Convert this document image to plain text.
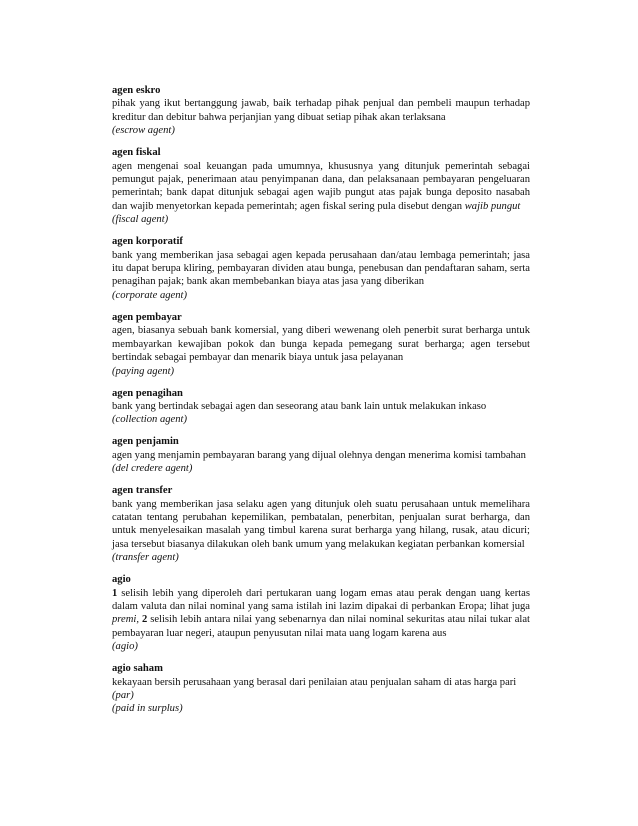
agen eskro
pihak yang ikut bertanggung jawab, baik terhadap pihak penjual dan pembeli maupun terhadap kreditur dan debitur bahwa perjanjian yang dibuat setiap pihak akan terlaksana
(escrow agent)
agen fiskal
agen mengenai soal keuangan pada umumnya, khususnya yang ditunjuk pemerintah sebagai pemungut pajak, penerimaan atau penyimpanan dana, dan pelaksanaan pembayaran pengeluaran pemerintah; bank dapat ditunjuk sebagai agen wajib pungut atas pajak bunga deposito nasabah dan wajib menyetorkan kepada pemerintah; agen fiskal sering pula disebut dengan wajib pungut
(fiscal agent)
agen korporatif
bank yang memberikan jasa sebagai agen kepada perusahaan dan/atau lembaga pemerintah; jasa itu dapat berupa kliring, pembayaran dividen atau bunga, penebusan dan pendaftaran saham, serta penagihan pajak; bank akan membebankan biaya atas jasa yang diberikan
(corporate agent)
agen pembayar
agen, biasanya sebuah bank komersial, yang diberi wewenang oleh penerbit surat berharga untuk membayarkan kewajiban pokok dan bunga kepada pemegang surat berharga; agen tersebut bertindak sebagai pembayar dan menarik biaya untuk jasa pelayanan
(paying agent)
agen penagihan
bank yang bertindak sebagai agen dan seseorang atau bank lain untuk melakukan inkaso
(collection agent)
agen penjamin
agen yang menjamin pembayaran barang yang dijual olehnya dengan menerima komisi tambahan
(del credere agent)
agen transfer
bank yang memberikan jasa selaku agen yang ditunjuk oleh suatu perusahaan untuk memelihara catatan tentang perubahan kepemilikan, pembatalan, penerbitan, penjualan surat berharga, dan untuk menyelesaikan masalah yang timbul karena surat berharga yang hilang, rusak, atau dicuri; jasa tersebut biasanya dilakukan oleh bank umum yang melakukan kegiatan perbankan komersial
(transfer agent)
agio
1 selisih lebih yang diperoleh dari pertukaran uang logam emas atau perak dengan uang kertas dalam valuta dan nilai nominal yang sama istilah ini lazim dipakai di perbankan Eropa; lihat juga premi, 2 selisih lebih antara nilai yang sebenarnya dan nilai nominal sekuritas atau nilai tukar alat pembayaran luar negeri, ataupun penyusutan nilai mata uang logam karena aus
(agio)
agio saham
kekayaan bersih perusahaan yang berasal dari penilaian atau penjualan saham di atas harga pari
(par)
(paid in surplus)
